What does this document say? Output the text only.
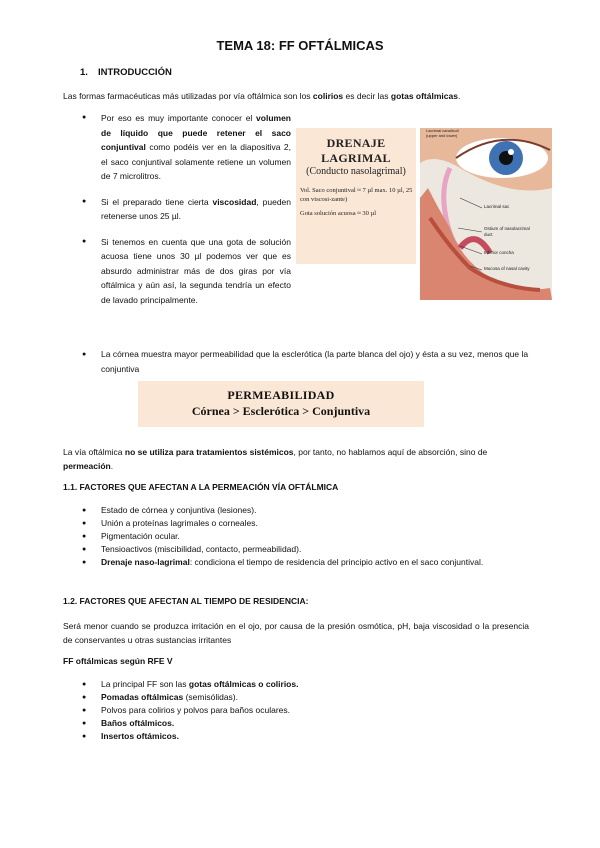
TEMA 18: FF OFTÁLMICAS
1. INTRODUCCIÓN
Las formas farmacéuticas más utilizadas por vía oftálmica son los colirios es decir las gotas oftálmicas.
● Por eso es muy importante conocer el volumen de líquido que puede retener el saco conjuntival como podéis ver en la diapositiva 2, el saco conjuntival solamente retiene un volumen de 7 microlitros.
● Si el preparado tiene cierta viscosidad, pueden retenerse unos 25 µl.
● Si tenemos en cuenta que una gota de solución acuosa tiene unos 30 µl podemos ver que es absurdo administrar más de dos giras por vía oftálmica y aún así, la segunda tendría un efecto de lavado principalmente.
DRENAJE LAGRIMAL
(Conducto nasolagrimal)
Vol. Saco conjuntival ≈ 7 µl max. 10 µl, 25 con viscosi-zante)
Gota solución acuosa ≈ 30 µl
Lacrimal canaliculi (upper and lower)
Lacrimal sac
Ostium of nasolacrimal duct
Inferior concha
Mucosa of nasal cavity
● La córnea muestra mayor permeabilidad que la esclerótica (la parte blanca del ojo) y ésta a su vez, menos que la conjuntiva
PERMEABILIDAD
Córnea > Esclerótica > Conjuntiva
La vía oftálmica no se utiliza para tratamientos sistémicos, por tanto, no hablamos aquí de absorción, sino de permeación.
1.1. FACTORES QUE AFECTAN A LA PERMEACIÓN VÍA OFTÁLMICA
● Estado de córnea y conjuntiva (lesiones).
● Unión a proteínas lagrimales o corneales.
● Pigmentación ocular.
● Tensioactivos (miscibilidad, contacto, permeabilidad).
● Drenaje naso-lagrimal: condiciona el tiempo de residencia del principio activo en el saco conjuntival.
1.2. FACTORES QUE AFECTAN AL TIEMPO DE RESIDENCIA:
Será menor cuando se produzca irritación en el ojo, por causa de la presión osmótica, pH, baja viscosidad o la presencia de conservantes u otras sustancias irritantes
FF oftálmicas según RFE V
● La principal FF son las gotas oftálmicas o colirios.
● Pomadas oftálmicas (semisólidas).
● Polvos para colirios y polvos para baños oculares.
● Baños oftálmicos.
● Insertos oftámicos.
